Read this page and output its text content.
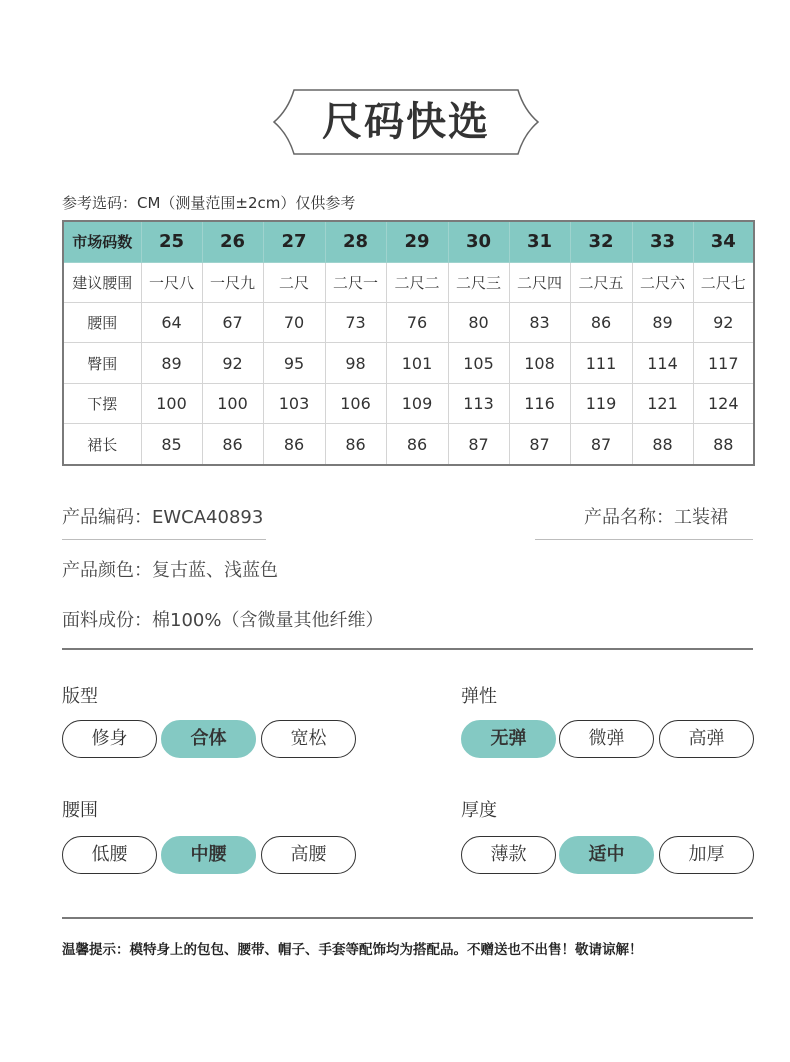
尺码快选
参考选码：CM（测量范围±2cm）仅供参考
市场码数	25	26	27	28	29	30	31	32	33	34
建议腰围	一尺八	一尺九	二尺	二尺一	二尺二	二尺三	二尺四	二尺五	二尺六	二尺七
腰围	64	67	70	73	76	80	83	86	89	92
臀围	89	92	95	98	101	105	108	111	114	117
下摆	100	100	103	106	109	113	116	119	121	124
裙长	85	86	86	86	86	87	87	87	88	88
产品编码：EWCA40893	产品名称：工装裙
产品颜色：复古蓝、浅蓝色
面料成份：棉100%（含微量其他纤维）
版型
修身	合体	宽松
弹性
无弹	微弹	高弹
腰围
低腰	中腰	高腰
厚度
薄款	适中	加厚
温馨提示：模特身上的包包、腰带、帽子、手套等配饰均为搭配品。不赠送也不出售！敬请谅解！
